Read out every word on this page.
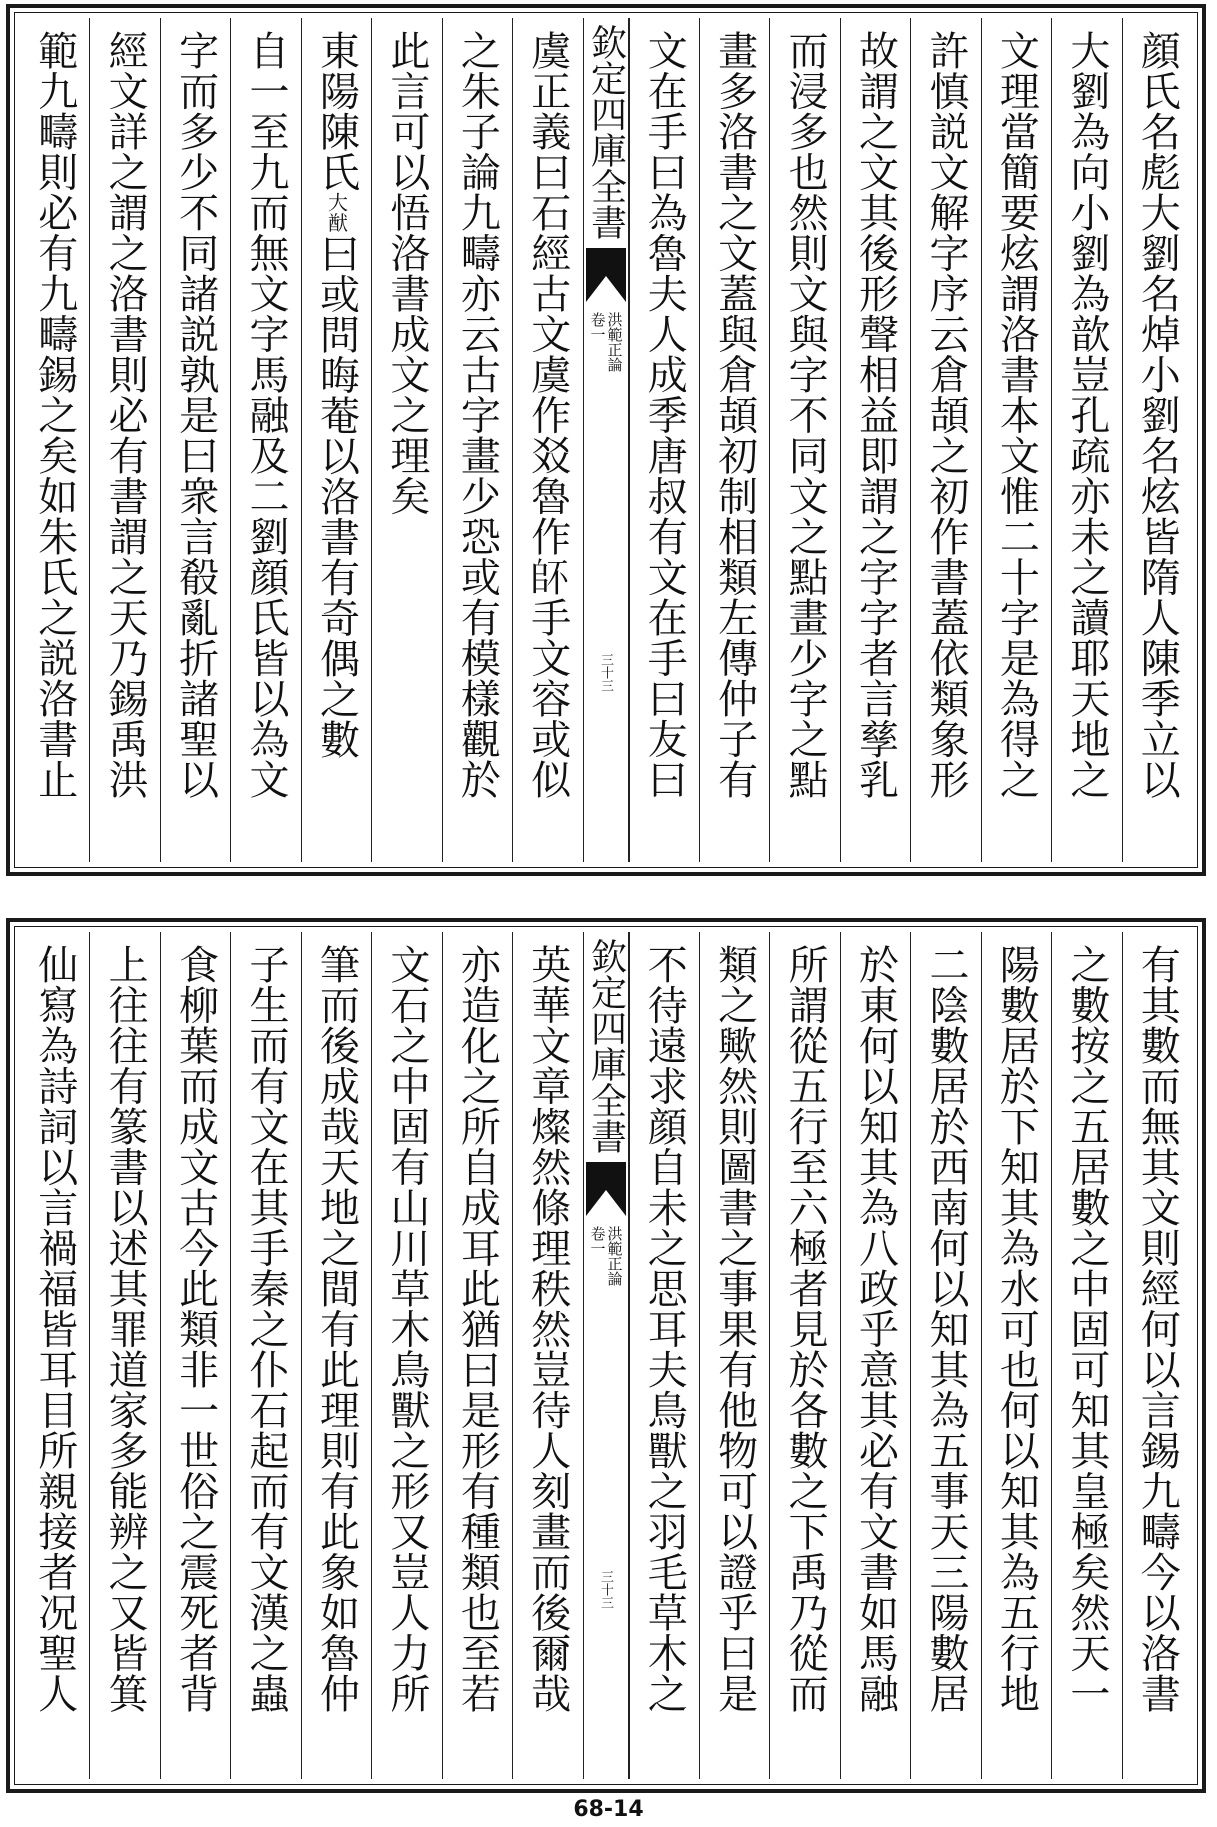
顔氏名彪大劉名焯小劉名炫皆隋人陳季立以
大劉為向小劉為歆豈孔疏亦未之讀耶天地之
文理當簡要炫謂洛書本文惟二十字是為得之
許慎説文解字序云倉頡之初作書蓋依類象形
故謂之文其後形聲相益即謂之字字者言孳乳
而浸多也然則文與字不同文之點畫少字之點
畫多洛書之文蓋與倉頡初制相類左傳仲子有
文在手曰為魯夫人成季唐叔有文在手曰友曰
欽定四庫全書
洪範正論
卷一
三十三
虞正義曰石經古文虞作㸚魯作𠂾手文容或似
之朱子論九疇亦云古字畫少恐或有模樣觀於
此言可以悟洛書成文之理矣
東陽陳氏大猷曰或問晦菴以洛書有奇偶之數
自一至九而無文字馬融及二劉顔氏皆以為文
字而多少不同諸説孰是曰衆言殽亂折諸聖以
經文詳之謂之洛書則必有書謂之天乃錫禹洪
範九疇則必有九疇錫之矣如朱氏之説洛書止
有其數而無其文則經何以言錫九疇今以洛書
之數按之五居數之中固可知其皇極矣然天一
陽數居於下知其為水可也何以知其為五行地
二陰數居於西南何以知其為五事天三陽數居
於東何以知其為八政乎意其必有文書如馬融
所謂從五行至六極者見於各數之下禹乃從而
類之歟然則圖書之事果有他物可以證乎曰是
不待遠求顔自未之思耳夫鳥獸之羽毛草木之
欽定四庫全書
洪範正論
卷一
三十三
英華文章燦然條理秩然豈待人刻畫而後爾哉
亦造化之所自成耳此猶曰是形有種類也至若
文石之中固有山川草木鳥獸之形又豈人力所
筆而後成哉天地之間有此理則有此象如魯仲
子生而有文在其手秦之仆石起而有文漢之蟲
食柳葉而成文古今此類非一世俗之震死者背
上往往有篆書以述其罪道家多能辨之又皆箕
仙寫為詩詞以言禍福皆耳目所親接者况聖人
68-14
